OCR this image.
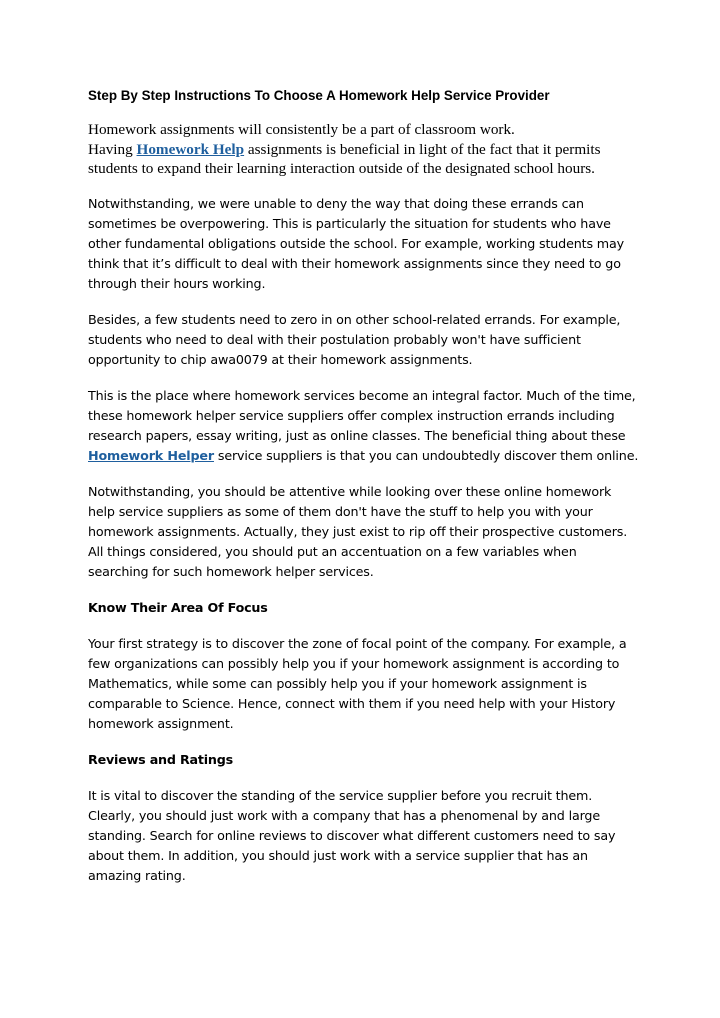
Step By Step Instructions To Choose A Homework Help Service Provider

Homework assignments will consistently be a part of classroom work.
Having Homework Help assignments is beneficial in light of the fact that it permits students to expand their learning interaction outside of the designated school hours.

Notwithstanding, we were unable to deny the way that doing these errands can sometimes be overpowering. This is particularly the situation for students who have other fundamental obligations outside the school. For example, working students may think that it’s difficult to deal with their homework assignments since they need to go through their hours working.

Besides, a few students need to zero in on other school-related errands. For example, students who need to deal with their postulation probably won't have sufficient opportunity to chip awa0079 at their homework assignments.

This is the place where homework services become an integral factor. Much of the time, these homework helper service suppliers offer complex instruction errands including research papers, essay writing, just as online classes. The beneficial thing about these Homework Helper service suppliers is that you can undoubtedly discover them online.

Notwithstanding, you should be attentive while looking over these online homework help service suppliers as some of them don't have the stuff to help you with your homework assignments. Actually, they just exist to rip off their prospective customers. All things considered, you should put an accentuation on a few variables when searching for such homework helper services.

Know Their Area Of Focus

Your first strategy is to discover the zone of focal point of the company. For example, a few organizations can possibly help you if your homework assignment is according to Mathematics, while some can possibly help you if your homework assignment is comparable to Science. Hence, connect with them if you need help with your History homework assignment.

Reviews and Ratings

It is vital to discover the standing of the service supplier before you recruit them. Clearly, you should just work with a company that has a phenomenal by and large standing. Search for online reviews to discover what different customers need to say about them. In addition, you should just work with a service supplier that has an amazing rating.
